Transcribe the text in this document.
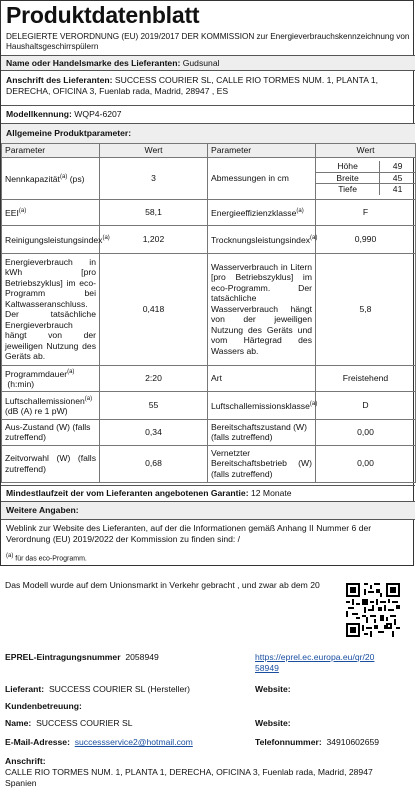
Produktdatenblatt
DELEGIERTE VERORDNUNG (EU) 2019/2017 DER KOMMISSION zur Energieverbrauchskennzeichnung von Haushaltsgeschirrspülern
Name oder Handelsmarke des Lieferanten: Gudsunal
Anschrift des Lieferanten: SUCCESS COURIER SL, CALLE RIO TORMES NUM. 1, PLANTA 1, DERECHA, OFICINA 3, Fuenlab rada, Madrid, 28947 , ES
Modellkennung: WQP4-6207
Allgemeine Produktparameter:
Parameter	Wert	Parameter	Wert
Nennkapazität$^{(a)}$ (ps)	3	Abmessungen in cm	
Höhe	49
Breite	45
Tiefe	41

EEI$^{(a)}$	58,1	Energieeffizienzklasse$^{(a)}$	F
Reinigungsleistungsindex$^{(a)}$	1,202	Trocknungsleistungsindex$^{(a)}$	0,990
Energieverbrauch in kWh [pro Betriebszyklus] im eco-Programm bei Kaltwasseranschluss. Der tatsächliche Energieverbrauch hängt von der jeweiligen Nutzung des Geräts ab.	0,418	Wasserverbrauch in Litern [pro Betriebszyklus] im eco-Programm. Der tatsächliche Wasserverbrauch hängt von der jeweiligen Nutzung des Geräts und vom Härtegrad des Wassers ab.	5,8
Programmdauer$^{(a)}$
(h:min)	2:20	Art	Freistehend
Luftschallemissionen$^{(a)}$ (dB (A) re 1 pW)	55	Luftschallemissionsklasse$^{(a)}$	D
Aus-Zustand (W) (falls zutreffend)	0,34	Bereitschaftszustand (W) (falls zutreffend)	0,00
Zeitvorwahl (W) (falls zutreffend)	0,68	Vernetzter Bereitschaftsbetrieb (W) (falls zutreffend)	0,00
Mindestlaufzeit der vom Lieferanten angebotenen Garantie: 12 Monate
Weitere Angaben:
Weblink zur Website des Lieferanten, auf der die Informationen gemäß Anhang II Nummer 6 der Verordnung (EU) 2019/2022 der Kommission zu finden sind: /
(a) für das eco-Programm.
Das Modell wurde auf dem Unionsmarkt in Verkehr gebracht , und zwar ab dem 20
EPREL-Eintragungsnummer 2058949	https://eprel.ec.europa.eu/qr/20
58949
Lieferant: SUCCESS COURIER SL (Hersteller)	Website:
Kundenbetreuung:
Name: SUCCESS COURIER SL	Website:
E-Mail-Adresse: successservice2@hotmail.com	Telefonnummer: 34910602659
Anschrift:
CALLE RIO TORMES NUM. 1, PLANTA 1, DERECHA, OFICINA 3, Fuenlab rada, Madrid, 28947 Spanien
